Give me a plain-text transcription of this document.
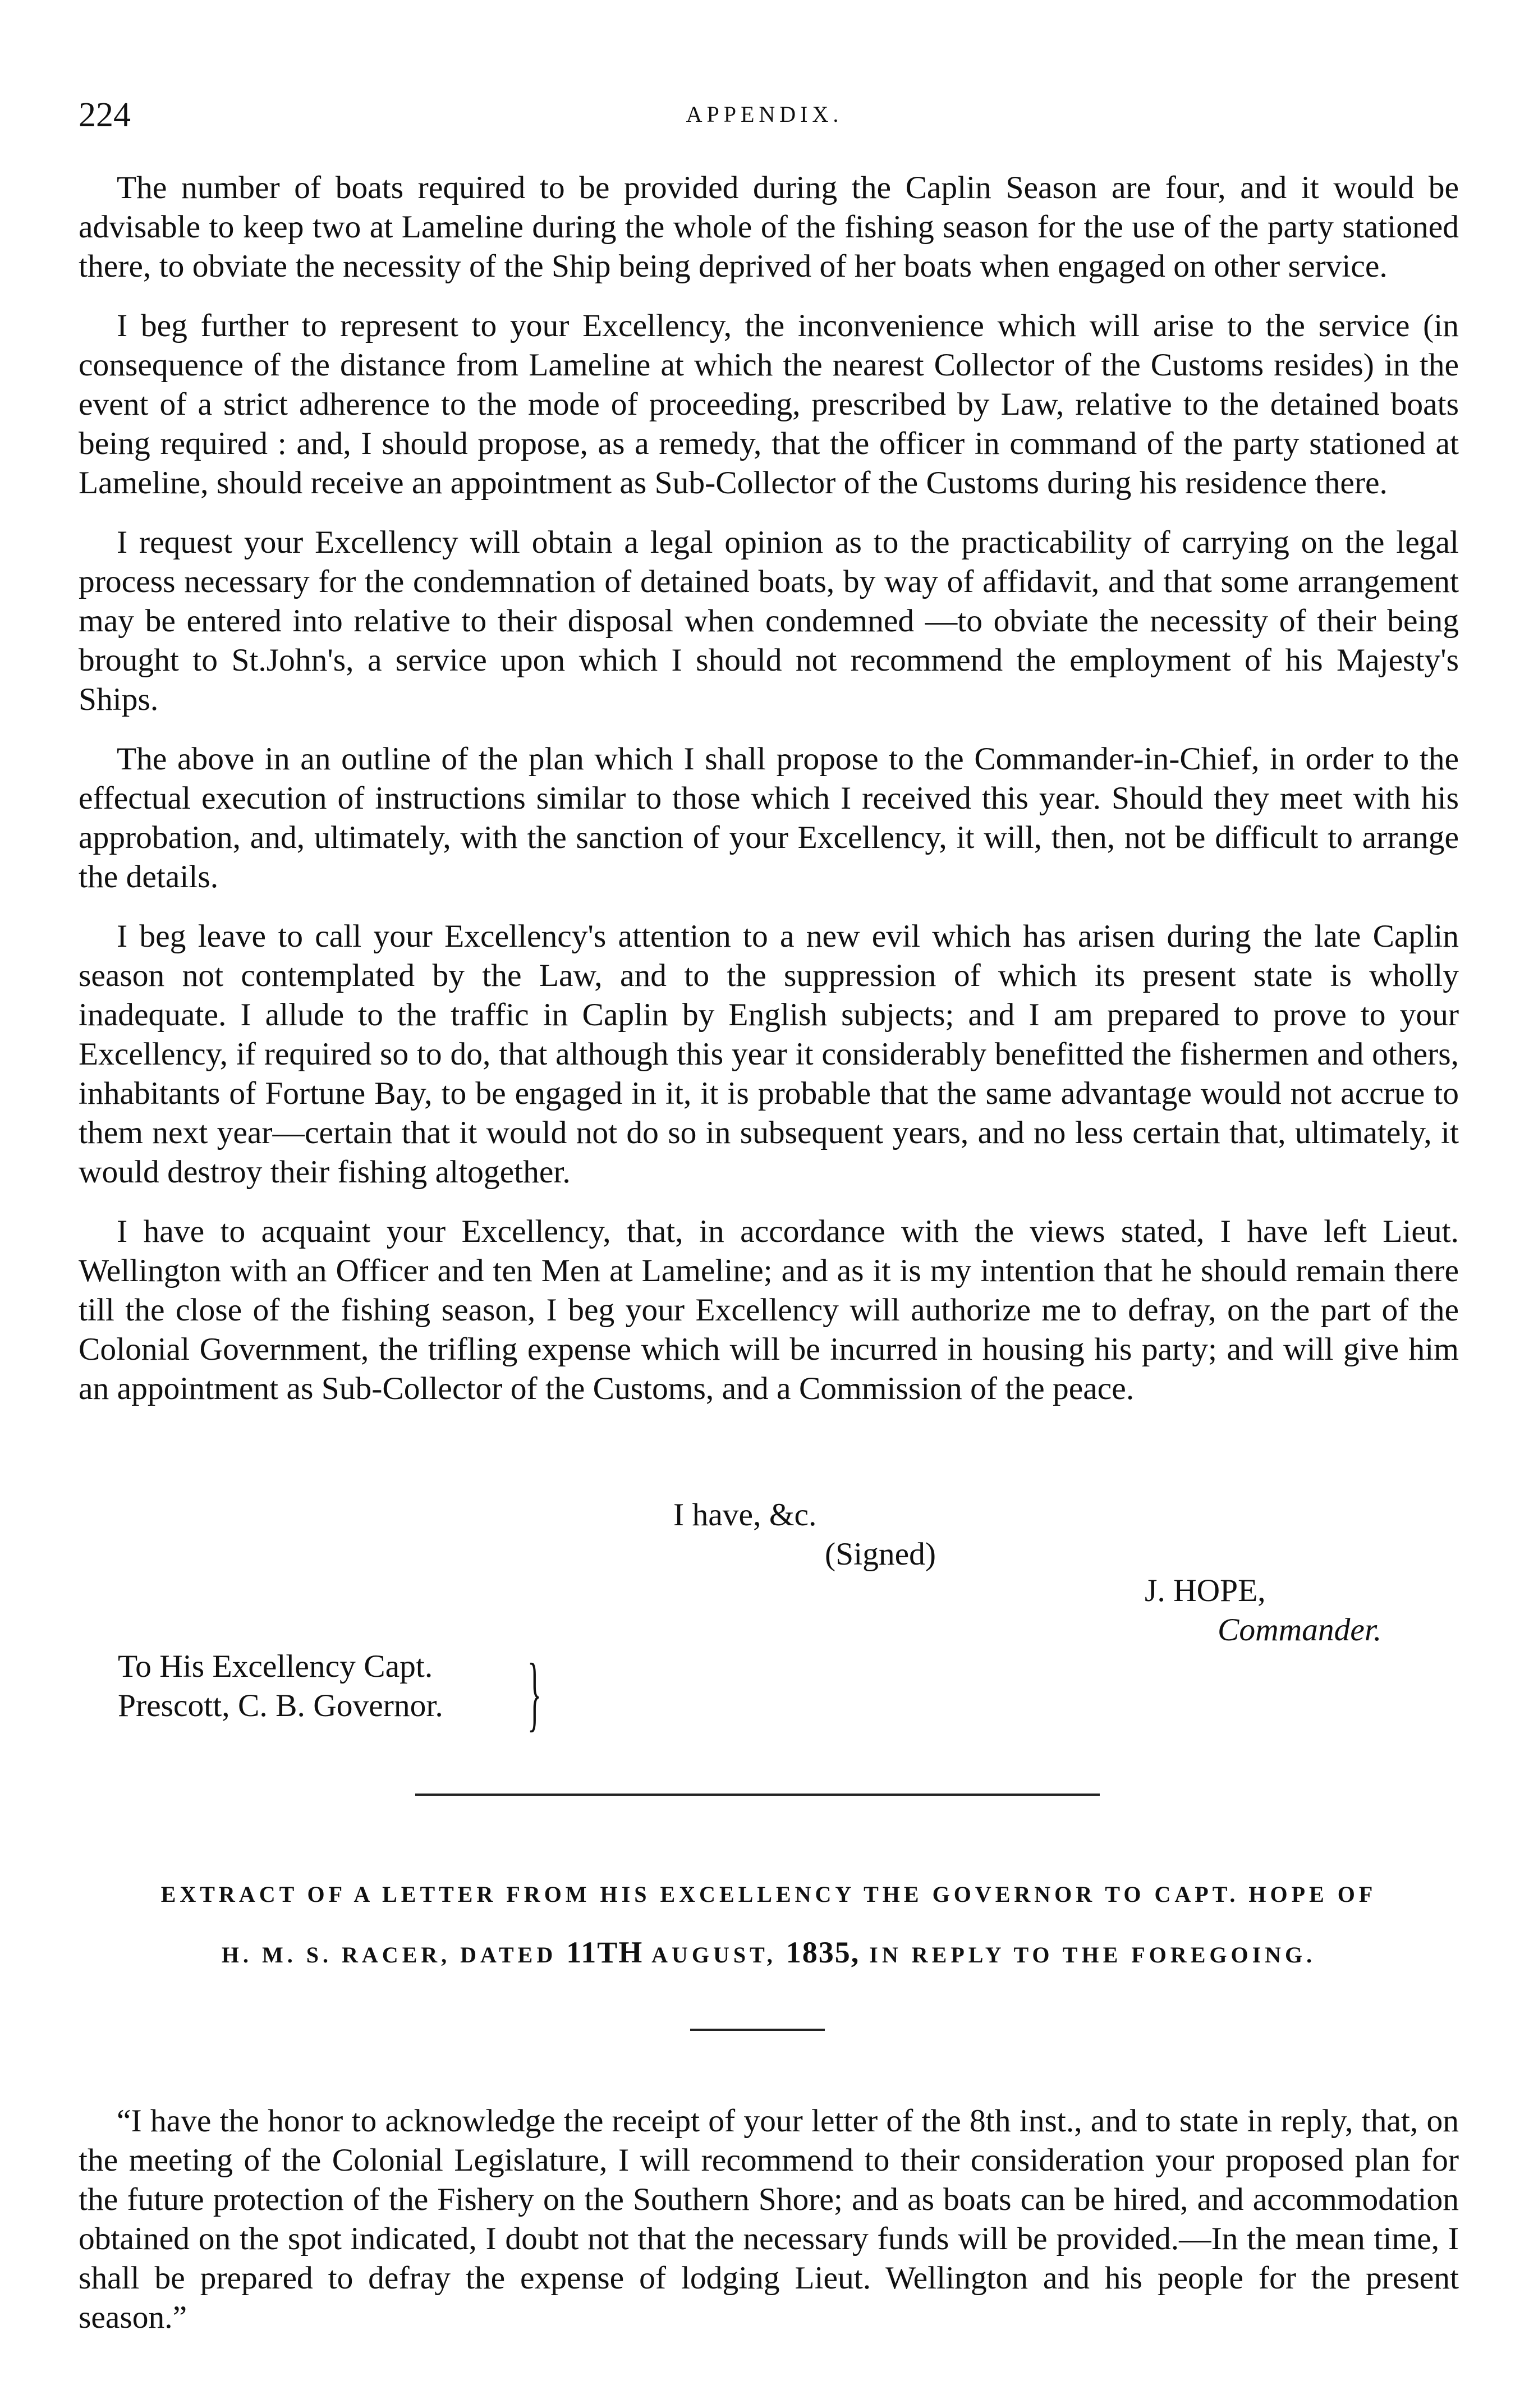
224	APPENDIX.

The number of boats required to be provided during the Caplin Season are four, and it would be advisable to keep two at Lameline during the whole of the fishing season for the use of the party stationed there, to obviate the necessity of the Ship being deprived of her boats when engaged on other service.

I beg further to represent to your Excellency, the inconvenience which will arise to the service (in consequence of the distance from Lameline at which the nearest Collector of the Customs resides) in the event of a strict adherence to the mode of proceeding, prescribed by Law, relative to the detained boats being required : and, I should propose, as a remedy, that the officer in command of the party stationed at Lameline, should receive an appointment as Sub-Collector of the Customs during his residence there.

I request your Excellency will obtain a legal opinion as to the practicability of carrying on the legal process necessary for the condemnation of detained boats, by way of affidavit, and that some arrangement may be entered into relative to their disposal when condemned —to obviate the necessity of their being brought to St.John's, a service upon which I should not recommend the employment of his Majesty's Ships.

The above in an outline of the plan which I shall propose to the Commander-in-Chief, in order to the effectual execution of instructions similar to those which I received this year. Should they meet with his approbation, and, ultimately, with the sanction of your Excellency, it will, then, not be difficult to arrange the details.

I beg leave to call your Excellency's attention to a new evil which has arisen during the late Caplin season not contemplated by the Law, and to the suppression of which its present state is wholly inadequate. I allude to the traffic in Caplin by English subjects; and I am prepared to prove to your Excellency, if required so to do, that although this year it considerably benefitted the fishermen and others, inhabitants of Fortune Bay, to be engaged in it, it is probable that the same advantage would not accrue to them next year—certain that it would not do so in subsequent years, and no less certain that, ultimately, it would destroy their fishing altogether.

I have to acquaint your Excellency, that, in accordance with the views stated, I have left Lieut. Wellington with an Officer and ten Men at Lameline; and as it is my intention that he should remain there till the close of the fishing season, I beg your Excellency will authorize me to defray, on the part of the Colonial Government, the trifling expense which will be incurred in housing his party; and will give him an appointment as Sub-Collector of the Customs, and a Commission of the peace.

I have, &c.
(Signed)
J. HOPE,
Commander.
To His Excellency Capt.
Prescott, C. B. Governor. }
EXTRACT OF A LETTER FROM HIS EXCELLENCY THE GOVERNOR TO CAPT. HOPE OF
H. M. S. RACER, DATED 11TH AUGUST, 1835, IN REPLY TO THE FOREGOING.

“I have the honor to acknowledge the receipt of your letter of the 8th inst., and to state in reply, that, on the meeting of the Colonial Legislature, I will recommend to their consideration your proposed plan for the future protection of the Fishery on the Southern Shore; and as boats can be hired, and accommodation obtained on the spot indicated, I doubt not that the necessary funds will be provided.—In the mean time, I shall be prepared to defray the expense of lodging Lieut. Wellington and his people for the present season.”
